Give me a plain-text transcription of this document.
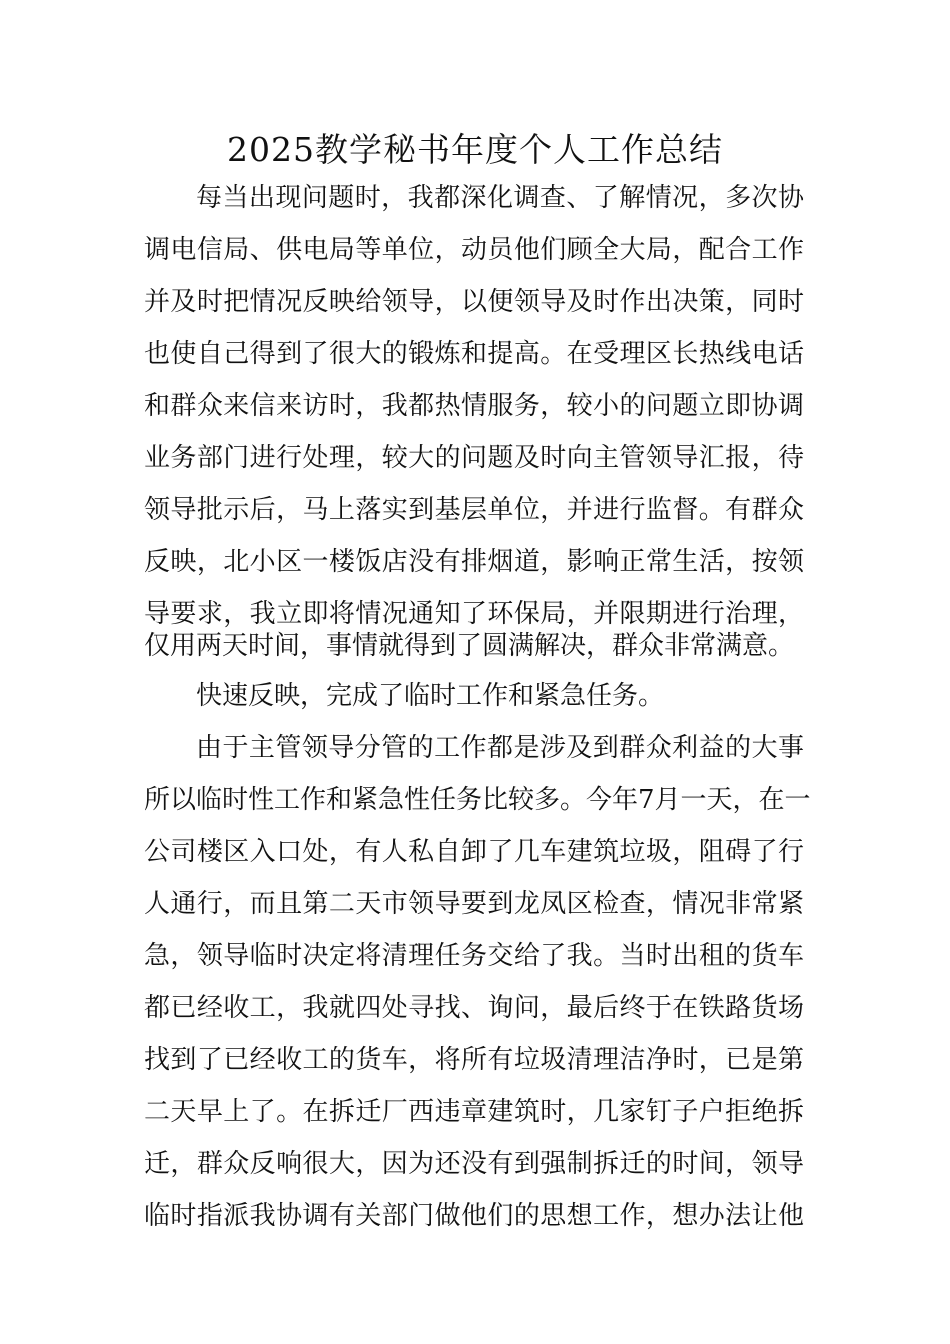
2025教学秘书年度个人工作总结
每当出现问题时，我都深化调查、了解情况，多次协
调电信局、供电局等单位，动员他们顾全大局，配合工作
并及时把情况反映给领导，以便领导及时作出决策，同时
也使自己得到了很大的锻炼和提高。在受理区长热线电话
和群众来信来访时，我都热情服务，较小的问题立即协调
业务部门进行处理，较大的问题及时向主管领导汇报，待
领导批示后，马上落实到基层单位，并进行监督。有群众
反映，北小区一楼饭店没有排烟道，影响正常生活，按领
导要求，我立即将情况通知了环保局，并限期进行治理，
仅用两天时间，事情就得到了圆满解决，群众非常满意。
快速反映，完成了临时工作和紧急任务。
由于主管领导分管的工作都是涉及到群众利益的大事
所以临时性工作和紧急性任务比较多。今年7月一天，在一
公司楼区入口处，有人私自卸了几车建筑垃圾，阻碍了行
人通行，而且第二天市领导要到龙凤区检查，情况非常紧
急，领导临时决定将清理任务交给了我。当时出租的货车
都已经收工，我就四处寻找、询问，最后终于在铁路货场
找到了已经收工的货车，将所有垃圾清理洁净时，已是第
二天早上了。在拆迁厂西违章建筑时，几家钉子户拒绝拆
迁，群众反响很大，因为还没有到强制拆迁的时间，领导
临时指派我协调有关部门做他们的思想工作，想办法让他
